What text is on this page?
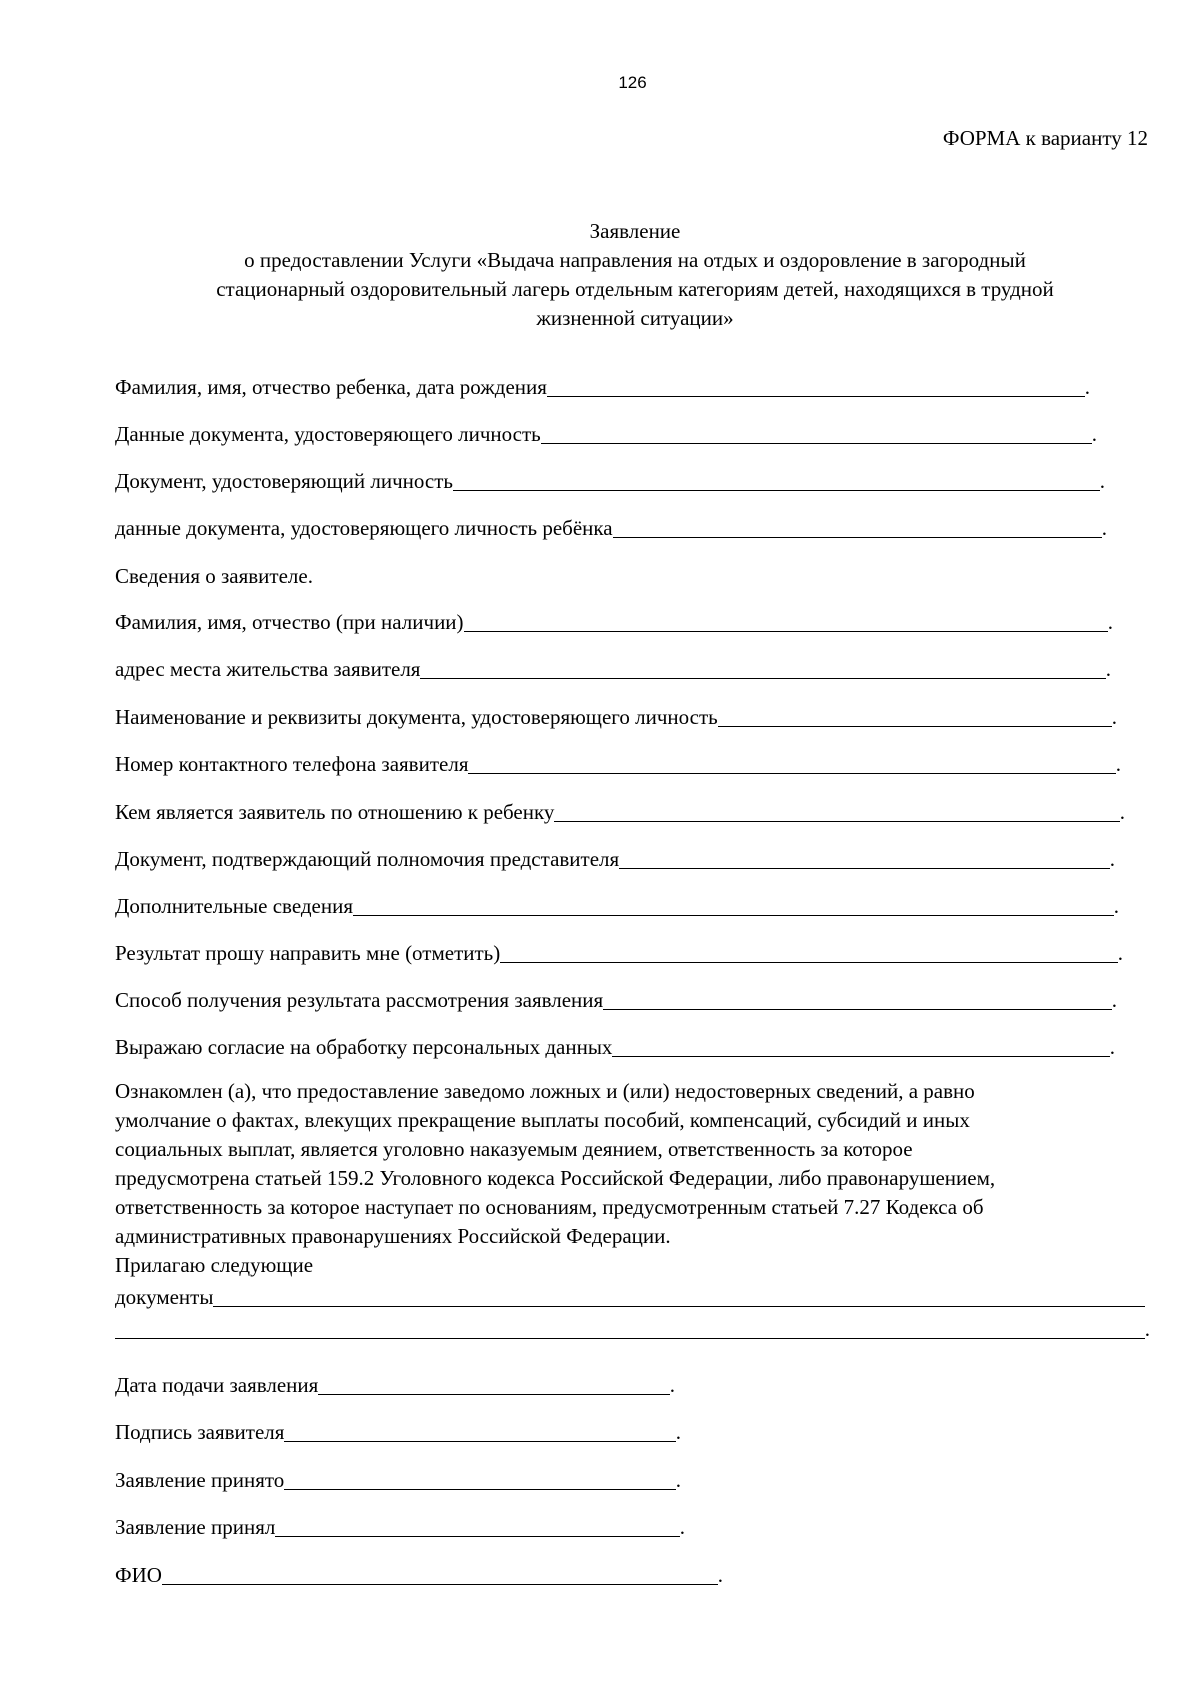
126
ФОРМА к варианту 12
Заявление
о предоставлении Услуги «Выдача направления на отдых и оздоровление в загородный
стационарный оздоровительный лагерь отдельным категориям детей, находящихся в трудной
жизненной ситуации»
Фамилия, имя, отчество ребенка, дата рождения	.
Данные документа, удостоверяющего личность	.
Документ, удостоверяющий личность	.
данные документа, удостоверяющего личность ребёнка	.
Сведения о заявителе.
Фамилия, имя, отчество (при наличии)	.
адрес места жительства заявителя	.
Наименование и реквизиты документа, удостоверяющего личность	.
Номер контактного телефона заявителя	.
Кем является заявитель по отношению к ребенку	.
Документ, подтверждающий полномочия представителя	.
Дополнительные сведения	.
Результат прошу направить мне (отметить)	.
Способ получения результата рассмотрения заявления	.
Выражаю согласие на обработку персональных данных	.
Ознакомлен (а), что предоставление заведомо ложных и (или) недостоверных сведений, а равно
умолчание о фактах, влекущих прекращение выплаты пособий, компенсаций, субсидий и иных
социальных выплат, является уголовно наказуемым деянием, ответственность за которое
предусмотрена статьей 159.2 Уголовного кодекса Российской Федерации, либо правонарушением,
ответственность за которое наступает по основаниям, предусмотренным статьей 7.27 Кодекса об
административных правонарушениях Российской Федерации.
Прилагаю следующие
документы
.
Дата подачи заявления	.
Подпись заявителя	.
Заявление принято	.
Заявление принял	.
ФИО	.
